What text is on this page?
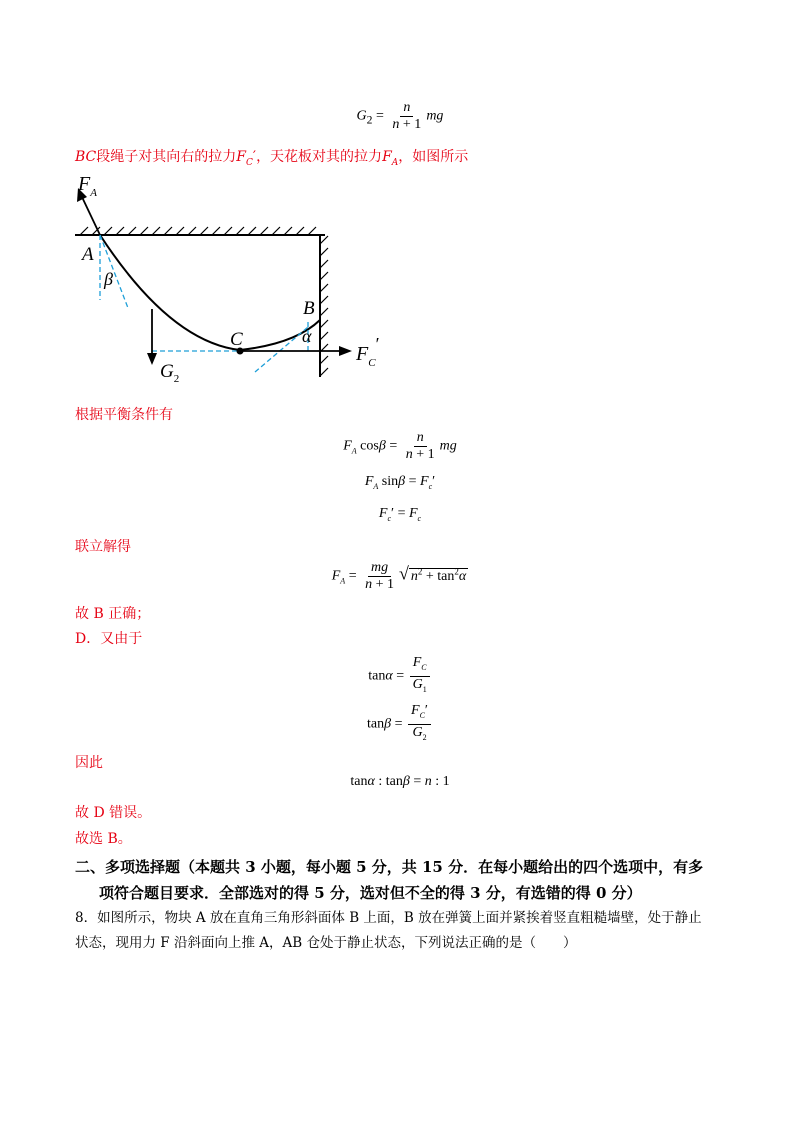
$G_2 = \frac{n}{n + 1}$ mg
BC段绳子对其向右的拉力$F_C'$，天花板对其的拉力$F_A$，如图所示
$F_A$
A
β
B
α
C
$G_2$
$F_C'$
根据平衡条件有
$F_A$ $\cos\beta = \frac{n}{n + 1}$ mg
$F_A$ $\sin\beta = F_c'$
$F_c' = F_c$
联立解得
$F_A = \frac{mg}{n + 1}$ √ $n^2 + \tan^2\alpha$
故 B 正确；
D．又由于
$\tan\alpha = \frac{F_C}{G_1}$
$\tan\beta = \frac{F_C'}{G_2}$
因此
tanα : tanβ = n : 1
故 D 错误。
故选 B。
二、多项选择题（本题共 3 小题，每小题 5 分，共 15 分．在每小题给出的四个选项中，有多
项符合题目要求．全部选对的得 5 分，选对但不全的得 3 分，有选错的得 0 分）
8．如图所示，物块 A 放在直角三角形斜面体 B 上面，B 放在弹簧上面并紧挨着竖直粗糙墙壁，处于静止
状态，现用力 F 沿斜面向上推 A，AB 仓处于静止状态，下列说法正确的是（　　）
